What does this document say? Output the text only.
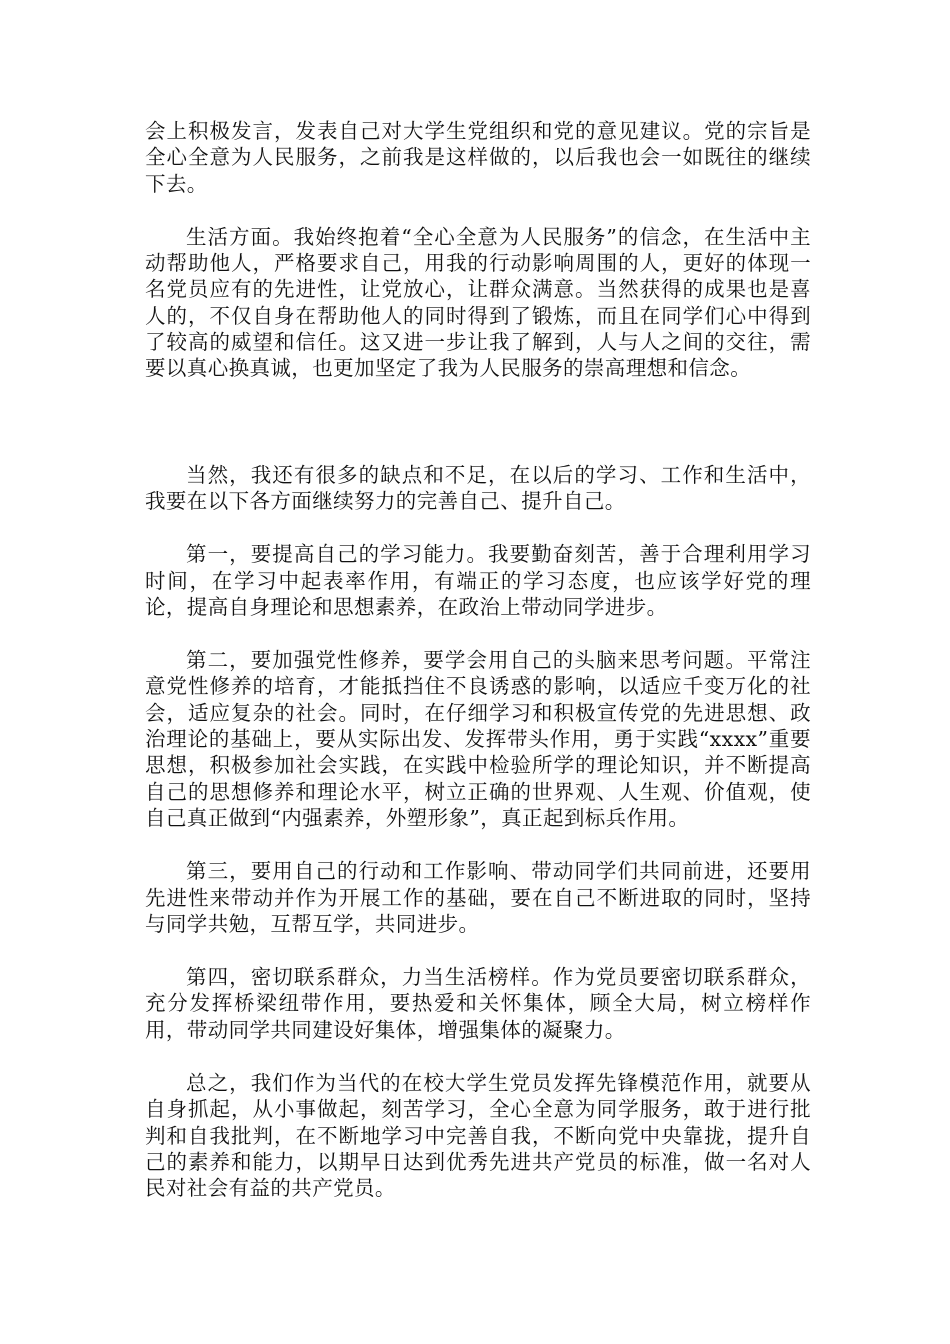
会上积极发言，发表自己对大学生党组织和党的意见建议。党的宗旨是全心全意为人民服务，之前我是这样做的，以后我也会一如既往的继续下去。

生活方面。我始终抱着“全心全意为人民服务”的信念，在生活中主动帮助他人，严格要求自己，用我的行动影响周围的人，更好的体现一名党员应有的先进性，让党放心，让群众满意。当然获得的成果也是喜人的，不仅自身在帮助他人的同时得到了锻炼，而且在同学们心中得到了较高的威望和信任。这又进一步让我了解到，人与人之间的交往，需要以真心换真诚，也更加坚定了我为人民服务的崇高理想和信念。

当然，我还有很多的缺点和不足，在以后的学习、工作和生活中，我要在以下各方面继续努力的完善自己、提升自己。

第一，要提高自己的学习能力。我要勤奋刻苦，善于合理利用学习时间，在学习中起表率作用，有端正的学习态度，也应该学好党的理论，提高自身理论和思想素养，在政治上带动同学进步。

第二，要加强党性修养，要学会用自己的头脑来思考问题。平常注意党性修养的培育，才能抵挡住不良诱惑的影响，以适应千变万化的社会，适应复杂的社会。同时，在仔细学习和积极宣传党的先进思想、政治理论的基础上，要从实际出发、发挥带头作用，勇于实践“xxxx”重要思想，积极参加社会实践，在实践中检验所学的理论知识，并不断提高自己的思想修养和理论水平，树立正确的世界观、人生观、价值观，使自己真正做到“内强素养，外塑形象”，真正起到标兵作用。

第三，要用自己的行动和工作影响、带动同学们共同前进，还要用先进性来带动并作为开展工作的基础，要在自己不断进取的同时，坚持与同学共勉，互帮互学，共同进步。

第四，密切联系群众，力当生活榜样。作为党员要密切联系群众，充分发挥桥梁纽带作用，要热爱和关怀集体，顾全大局，树立榜样作用，带动同学共同建设好集体，增强集体的凝聚力。

总之，我们作为当代的在校大学生党员发挥先锋模范作用，就要从自身抓起，从小事做起，刻苦学习，全心全意为同学服务，敢于进行批判和自我批判，在不断地学习中完善自我，不断向党中央靠拢，提升自己的素养和能力，以期早日达到优秀先进共产党员的标准，做一名对人民对社会有益的共产党员。
